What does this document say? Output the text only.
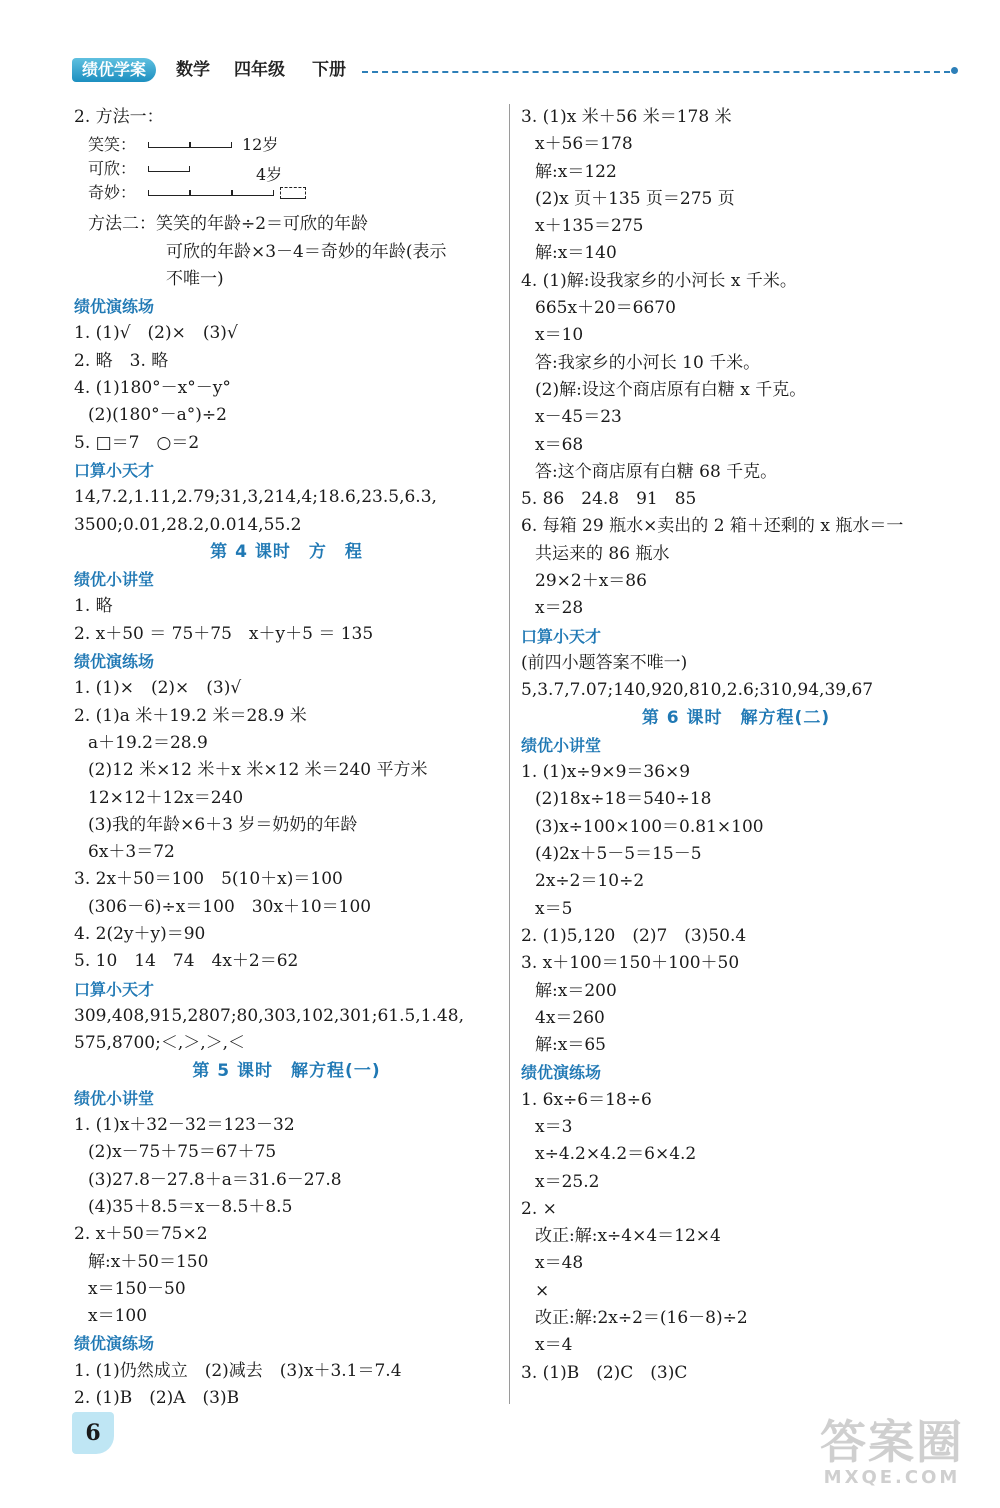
绩优学案	数学 四年级 下册
2. 方法一：
笑笑：	12岁
可欣：
奇妙：
4岁
方法二：笑笑的年龄÷2＝可欣的年龄
可欣的年龄×3－4＝奇妙的年龄(表示
不唯一)
绩优演练场
1. (1)√　(2)×　(3)√
2. 略　3. 略
4. (1)180°－x°－y°
(2)(180°－a°)÷2
5. □＝7　○＝2
口算小天才
14,7.2,1.11,2.79;31,3,214,4;18.6,23.5,6.3,
3500;0.01,28.2,0.014,55.2
第 4 课时　方　程
绩优小讲堂
1. 略
2. x＋50 ＝ 75＋75　x＋y＋5 ＝ 135
绩优演练场
1. (1)×　(2)×　(3)√
2. (1)a 米＋19.2 米＝28.9 米
a＋19.2＝28.9
(2)12 米×12 米＋x 米×12 米＝240 平方米
12×12＋12x＝240
(3)我的年龄×6＋3 岁＝奶奶的年龄
6x＋3＝72
3. 2x＋50＝100　5(10＋x)＝100
(306－6)÷x＝100　30x＋10＝100
4. 2(2y＋y)＝90
5. 10　14　74　4x＋2＝62
口算小天才
309,408,915,2807;80,303,102,301;61.5,1.48,
575,8700;＜,＞,＞,＜
第 5 课时　解方程(一)
绩优小讲堂
1. (1)x＋32－32＝123－32
(2)x－75＋75＝67＋75
(3)27.8－27.8＋a＝31.6－27.8
(4)35＋8.5＝x－8.5＋8.5
2. x＋50＝75×2
解:x＋50＝150
x＝150－50
x＝100
绩优演练场
1. (1)仍然成立　(2)减去　(3)x＋3.1＝7.4
2. (1)B　(2)A　(3)B
3. (1)x 米＋56 米＝178 米
x＋56＝178
解:x＝122
(2)x 页＋135 页＝275 页
x＋135＝275
解:x＝140
4. (1)解:设我家乡的小河长 x 千米。
665x＋20＝6670
x＝10
答:我家乡的小河长 10 千米。
(2)解:设这个商店原有白糖 x 千克。
x－45＝23
x＝68
答:这个商店原有白糖 68 千克。
5. 86　24.8　91　85
6. 每箱 29 瓶水×卖出的 2 箱＋还剩的 x 瓶水＝一
共运来的 86 瓶水
29×2＋x＝86
x＝28
口算小天才
(前四小题答案不唯一)
5,3.7,7.07;140,920,810,2.6;310,94,39,67
第 6 课时　解方程(二)
绩优小讲堂
1. (1)x÷9×9＝36×9
(2)18x÷18＝540÷18
(3)x÷100×100＝0.81×100
(4)2x＋5－5＝15－5
2x÷2＝10÷2
x＝5
2. (1)5,120　(2)7　(3)50.4
3. x＋100＝150＋100＋50
解:x＝200
4x＝260
解:x＝65
绩优演练场
1. 6x÷6＝18÷6
x＝3
x÷4.2×4.2＝6×4.2
x＝25.2
2. ×
改正:解:x÷4×4＝12×4
x＝48
×
改正:解:2x÷2＝(16－8)÷2
x＝4
3. (1)B　(2)C　(3)C
6	答案圈
MXQE.COM
